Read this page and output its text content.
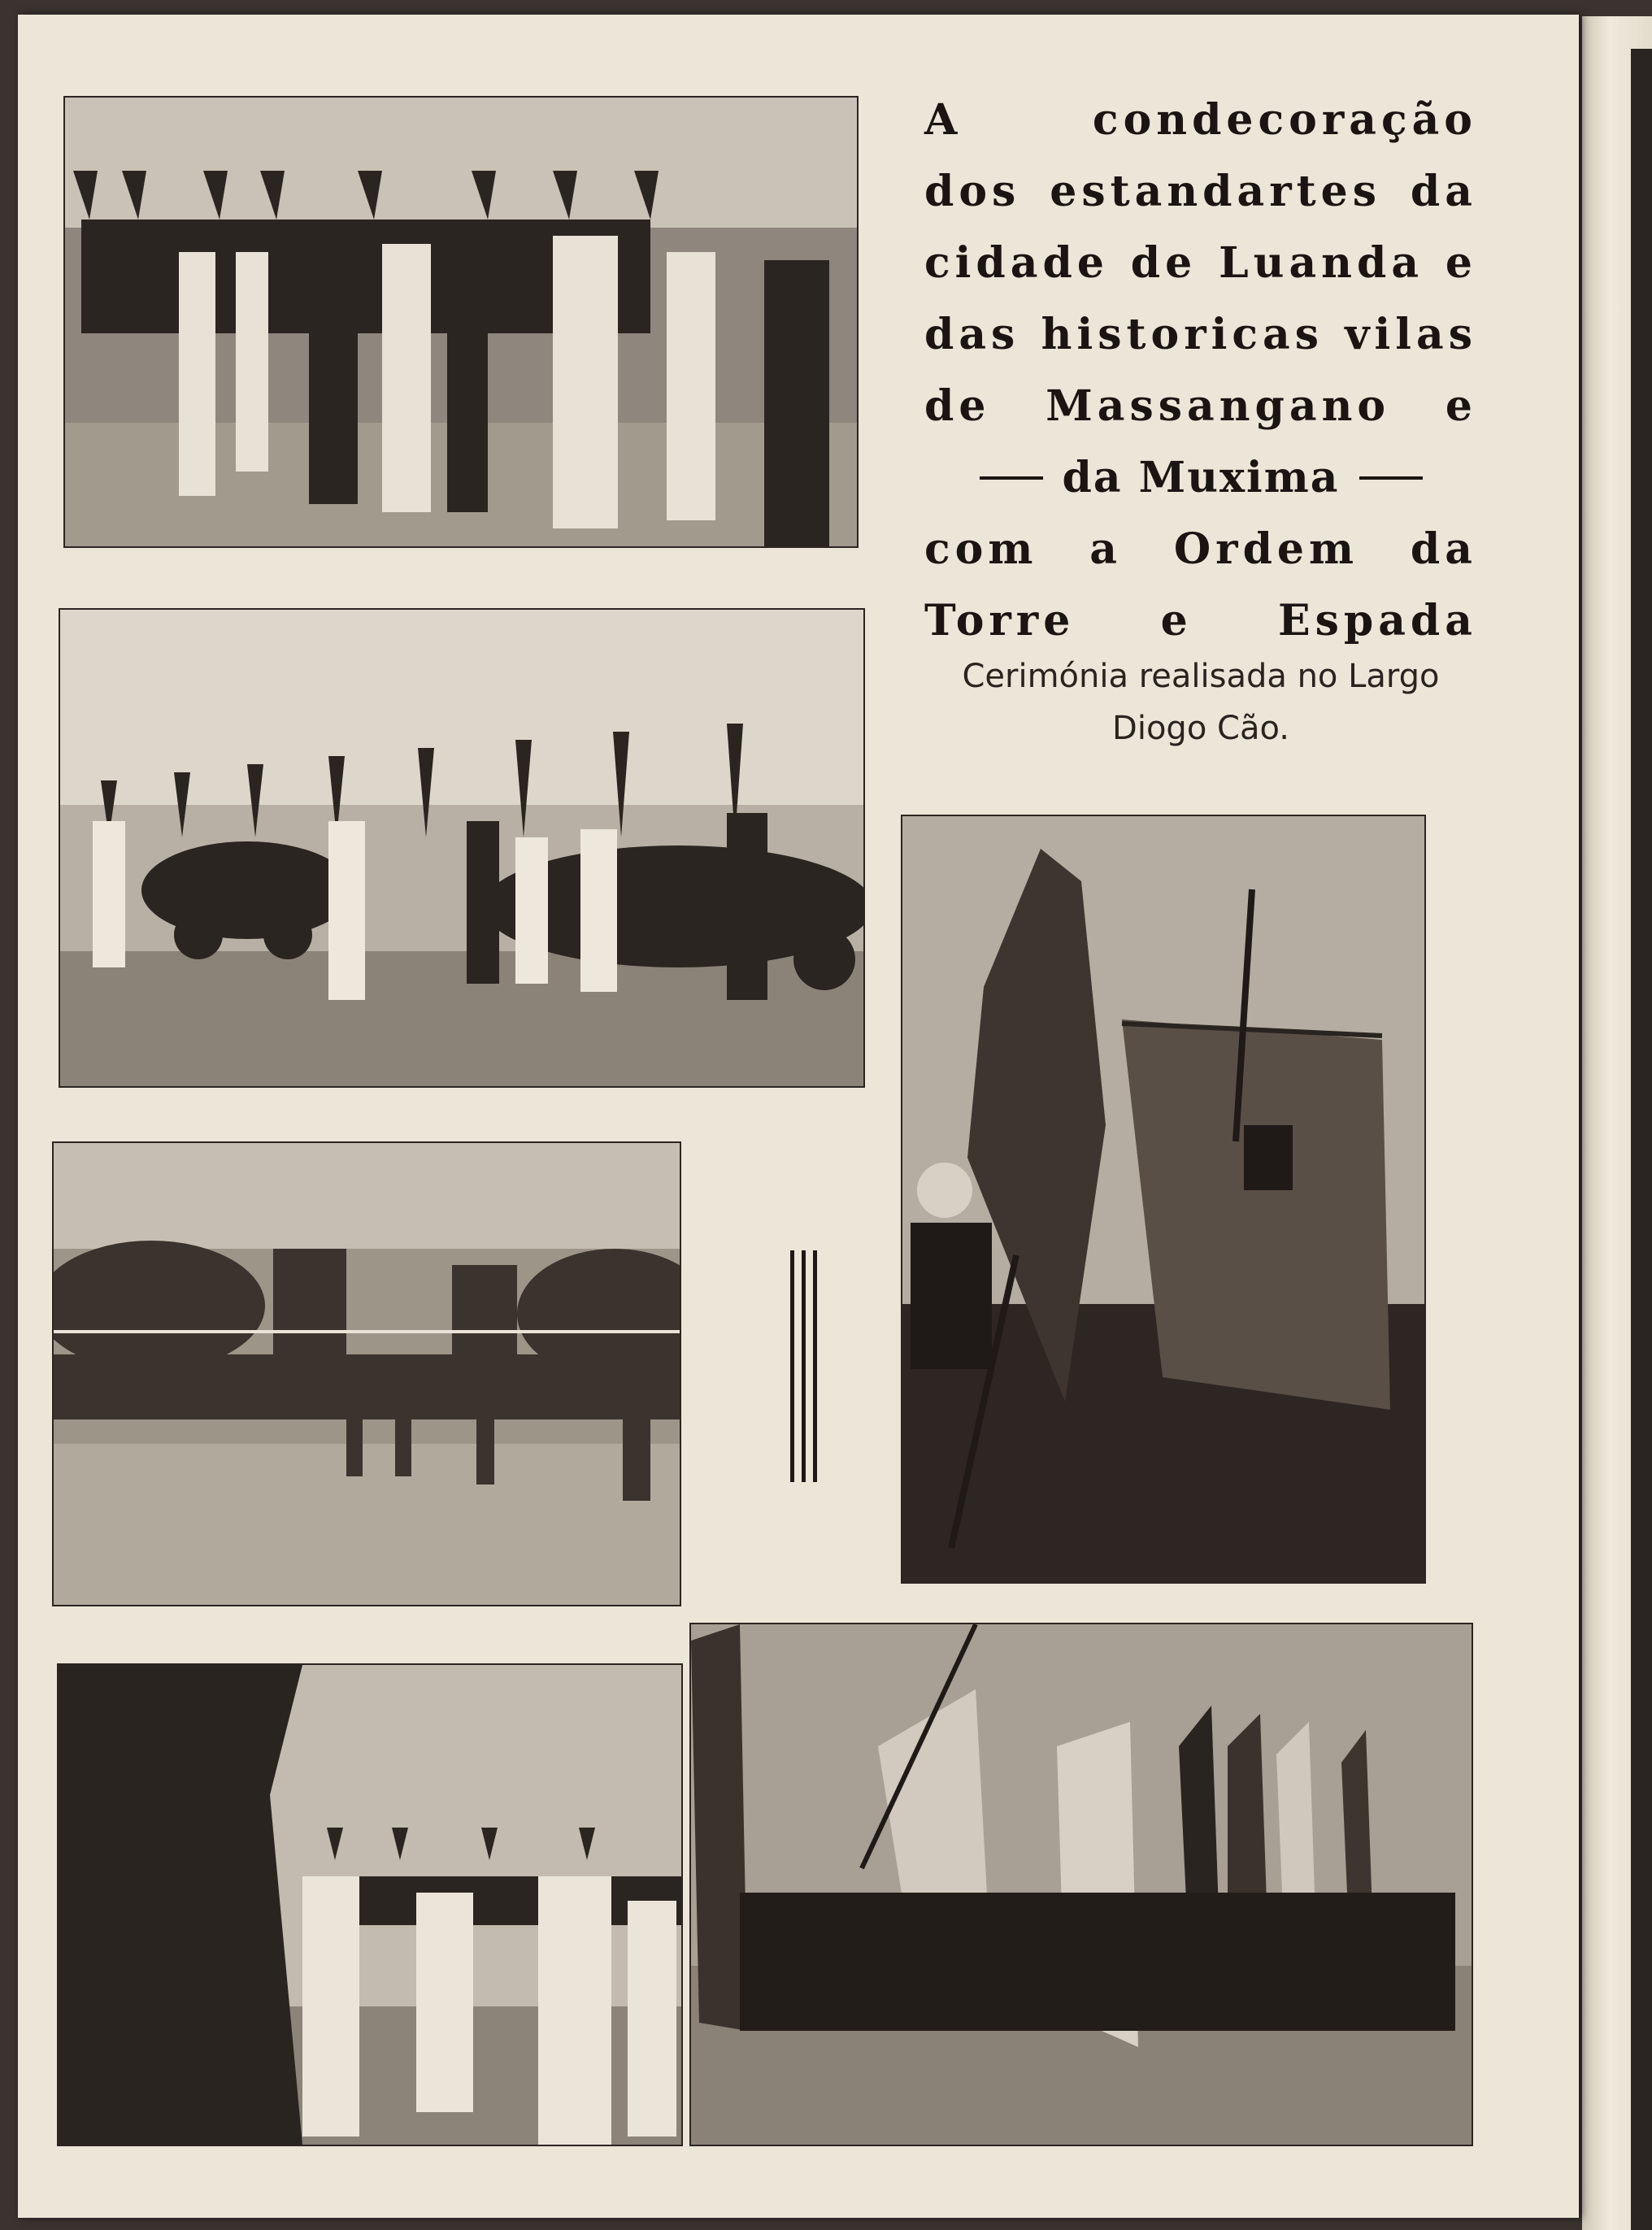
A condecoração
dos estandartes da
cidade de Luanda e
das historicas vilas
de Massangano e
da Muxima
com a Ordem da
Torre e Espada
Cerimónia realisada no Largo Diogo Cão.
